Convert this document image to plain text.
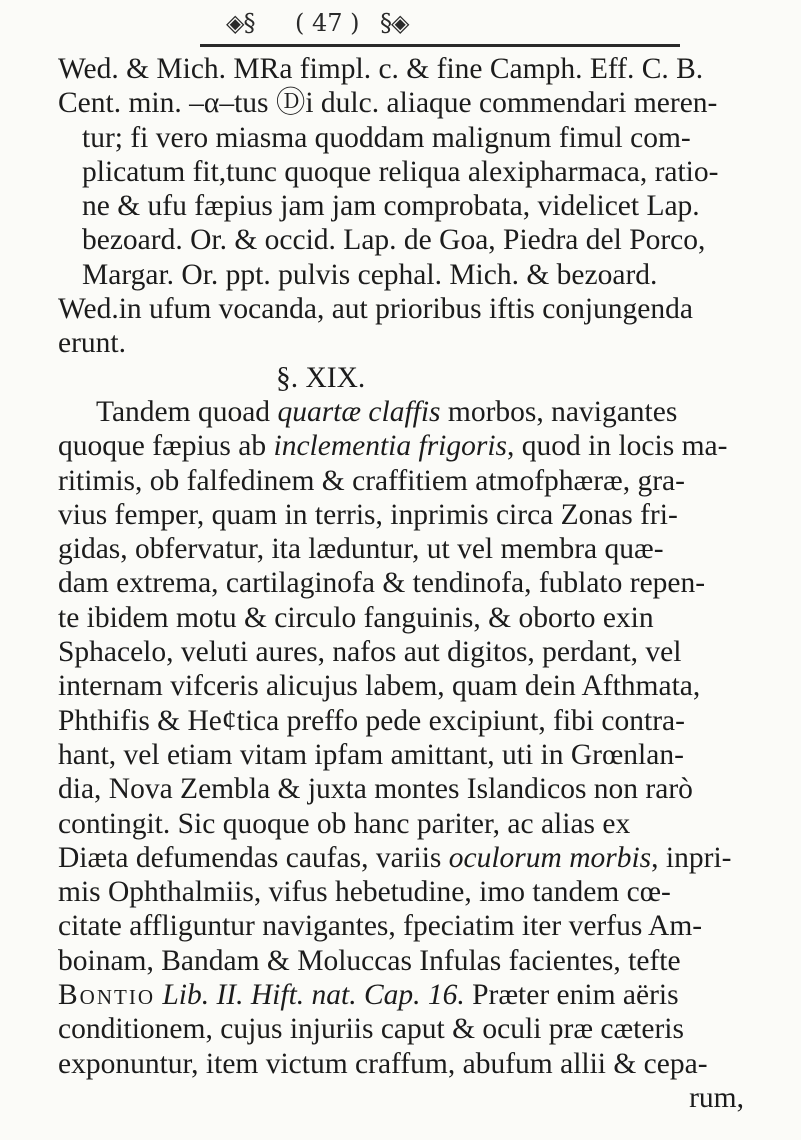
◈§ ( 47 ) §◈
Wed. & Mich. MRa fimpl. c. & fine Camph. Eff. C. B.
Cent. min. –α–tus Ⓓi dulc. aliaque commendari meren-
tur; fi vero miasma quoddam malignum fimul com-
plicatum fit,tunc quoque reliqua alexipharmaca, ratio-
ne & ufu fæpius jam jam comprobata, videlicet Lap.
bezoard. Or. & occid. Lap. de Goa, Piedra del Porco,
Margar. Or. ppt. pulvis cephal. Mich. & bezoard.
Wed.in ufum vocanda, aut prioribus iftis conjungenda
erunt.
§. XIX.
Tandem quoad quartæ claffis morbos, navigantes
quoque fæpius ab inclementia frigoris, quod in locis ma-
ritimis, ob falfedinem & craffitiem atmofphæræ, gra-
vius femper, quam in terris, inprimis circa Zonas fri-
gidas, obfervatur, ita læduntur, ut vel membra quæ-
dam extrema, cartilaginofa & tendinofa, fublato repen-
te ibidem motu & circulo fanguinis, & oborto exin
Sphacelo, veluti aures, nafos aut digitos, perdant, vel
internam vifceris alicujus labem, quam dein Afthmata,
Phthifis & He¢tica preffo pede excipiunt, fibi contra-
hant, vel etiam vitam ipfam amittant, uti in Grœnlan-
dia, Nova Zembla & juxta montes Islandicos non rarò
contingit. Sic quoque ob hanc pariter, ac alias ex
Diæta defumendas caufas, variis oculorum morbis, inpri-
mis Ophthalmiis, vifus hebetudine, imo tandem cœ-
citate affliguntur navigantes, fpeciatim iter verfus Am-
boinam, Bandam & Moluccas Infulas facientes, tefte
Bontio Lib. II. Hift. nat. Cap. 16. Præter enim aëris
conditionem, cujus injuriis caput & oculi præ cæteris
exponuntur, item victum craffum, abufum allii & cepa-
rum,
